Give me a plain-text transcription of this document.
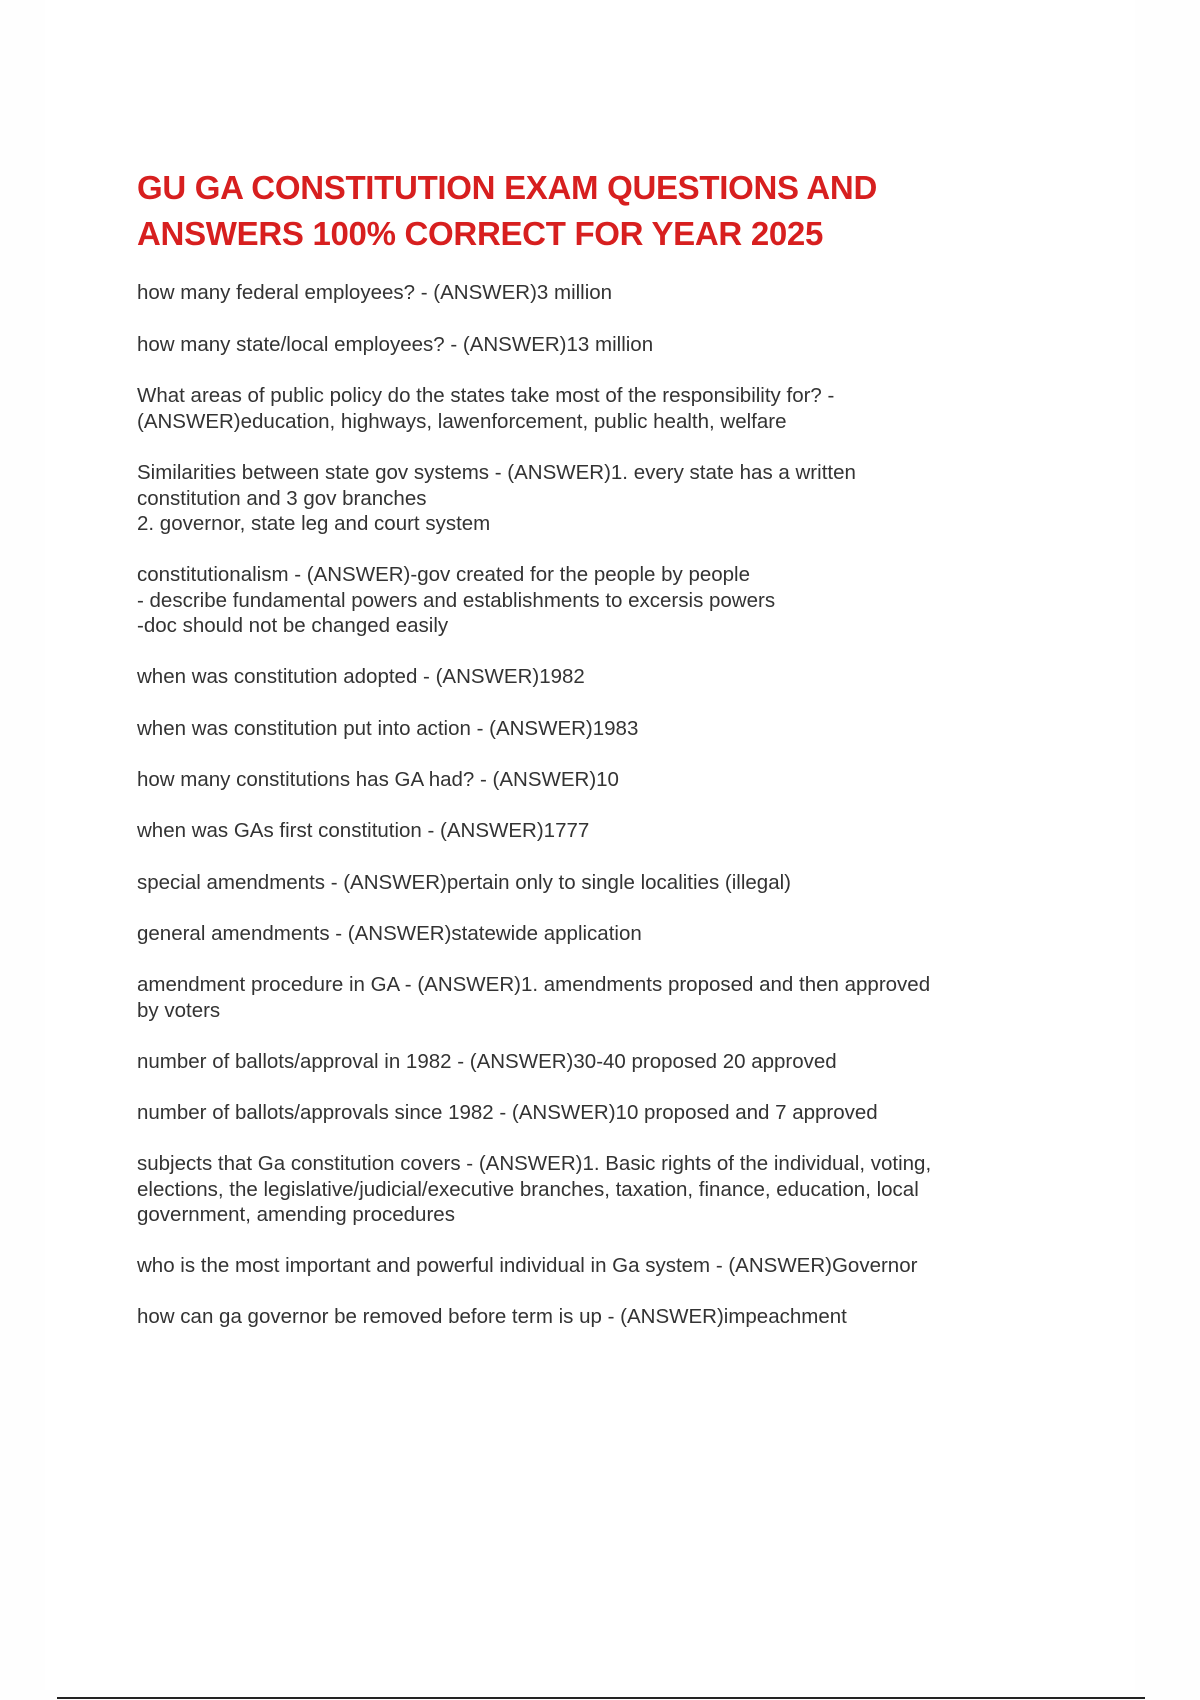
GU GA CONSTITUTION EXAM QUESTIONS AND
ANSWERS 100% CORRECT FOR YEAR 2025
how many federal employees? - (ANSWER)3 million
how many state/local employees? - (ANSWER)13 million
What areas of public policy do the states take most of the responsibility for? -
(ANSWER)education, highways, lawenforcement, public health, welfare
Similarities between state gov systems - (ANSWER)1. every state has a written
constitution and 3 gov branches
2. governor, state leg and court system
constitutionalism - (ANSWER)-gov created for the people by people
- describe fundamental powers and establishments to excersis powers
-doc should not be changed easily
when was constitution adopted - (ANSWER)1982
when was constitution put into action - (ANSWER)1983
how many constitutions has GA had? - (ANSWER)10
when was GAs first constitution - (ANSWER)1777
special amendments - (ANSWER)pertain only to single localities (illegal)
general amendments - (ANSWER)statewide application
amendment procedure in GA - (ANSWER)1. amendments proposed and then approved
by voters
number of ballots/approval in 1982 - (ANSWER)30-40 proposed 20 approved
number of ballots/approvals since 1982 - (ANSWER)10 proposed and 7 approved
subjects that Ga constitution covers - (ANSWER)1. Basic rights of the individual, voting,
elections, the legislative/judicial/executive branches, taxation, finance, education, local
government, amending procedures
who is the most important and powerful individual in Ga system - (ANSWER)Governor
how can ga governor be removed before term is up - (ANSWER)impeachment
